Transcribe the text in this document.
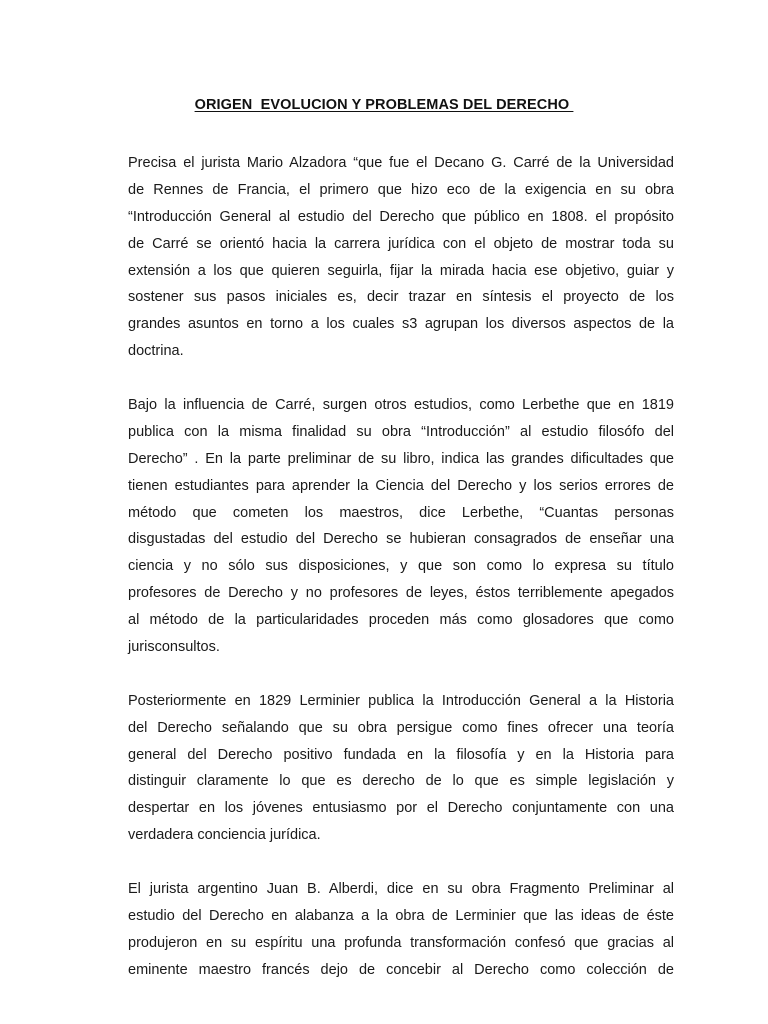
ORIGEN  EVOLUCION Y PROBLEMAS DEL DERECHO
Precisa el jurista Mario Alzadora “que fue el Decano G. Carré de la Universidad
de Rennes de Francia, el primero que hizo eco de la exigencia en su obra
“Introducción General al estudio del Derecho que público en 1808. el propósito
de Carré se orientó hacia la carrera jurídica con el objeto de mostrar toda su
extensión a los que quieren seguirla, fijar la mirada hacia ese objetivo, guiar y
sostener sus pasos iniciales es, decir trazar en síntesis el proyecto de los
grandes asuntos en torno a los cuales s3 agrupan los diversos aspectos de la
doctrina.
Bajo la influencia de Carré, surgen otros estudios, como Lerbethe que en 1819
publica con la misma finalidad su obra “Introducción” al estudio filosófo del
Derecho” . En la parte preliminar de su libro, indica las grandes dificultades que
tienen estudiantes para aprender la Ciencia del Derecho y los serios errores de
método que cometen los maestros, dice Lerbethe, “Cuantas personas
disgustadas del estudio del Derecho se hubieran consagrados de enseñar una
ciencia y no sólo sus disposiciones, y que son como lo expresa su título
profesores de Derecho y no profesores de leyes, éstos terriblemente apegados
al método de la particularidades proceden más como glosadores que como
jurisconsultos.
Posteriormente en 1829 Lerminier publica la Introducción General a la Historia
del Derecho señalando que su obra persigue como fines ofrecer una teoría
general del Derecho positivo fundada en la filosofía y en la Historia para
distinguir claramente lo que es derecho de lo que es simple legislación y
despertar en los jóvenes entusiasmo por el Derecho conjuntamente con una
verdadera conciencia jurídica.
El jurista argentino Juan B. Alberdi, dice en su obra Fragmento Preliminar al
estudio del Derecho en alabanza a la obra de Lerminier que las ideas de éste
produjeron en su espíritu una profunda transformación confesó que gracias al
eminente maestro francés dejo de concebir al Derecho como colección de
